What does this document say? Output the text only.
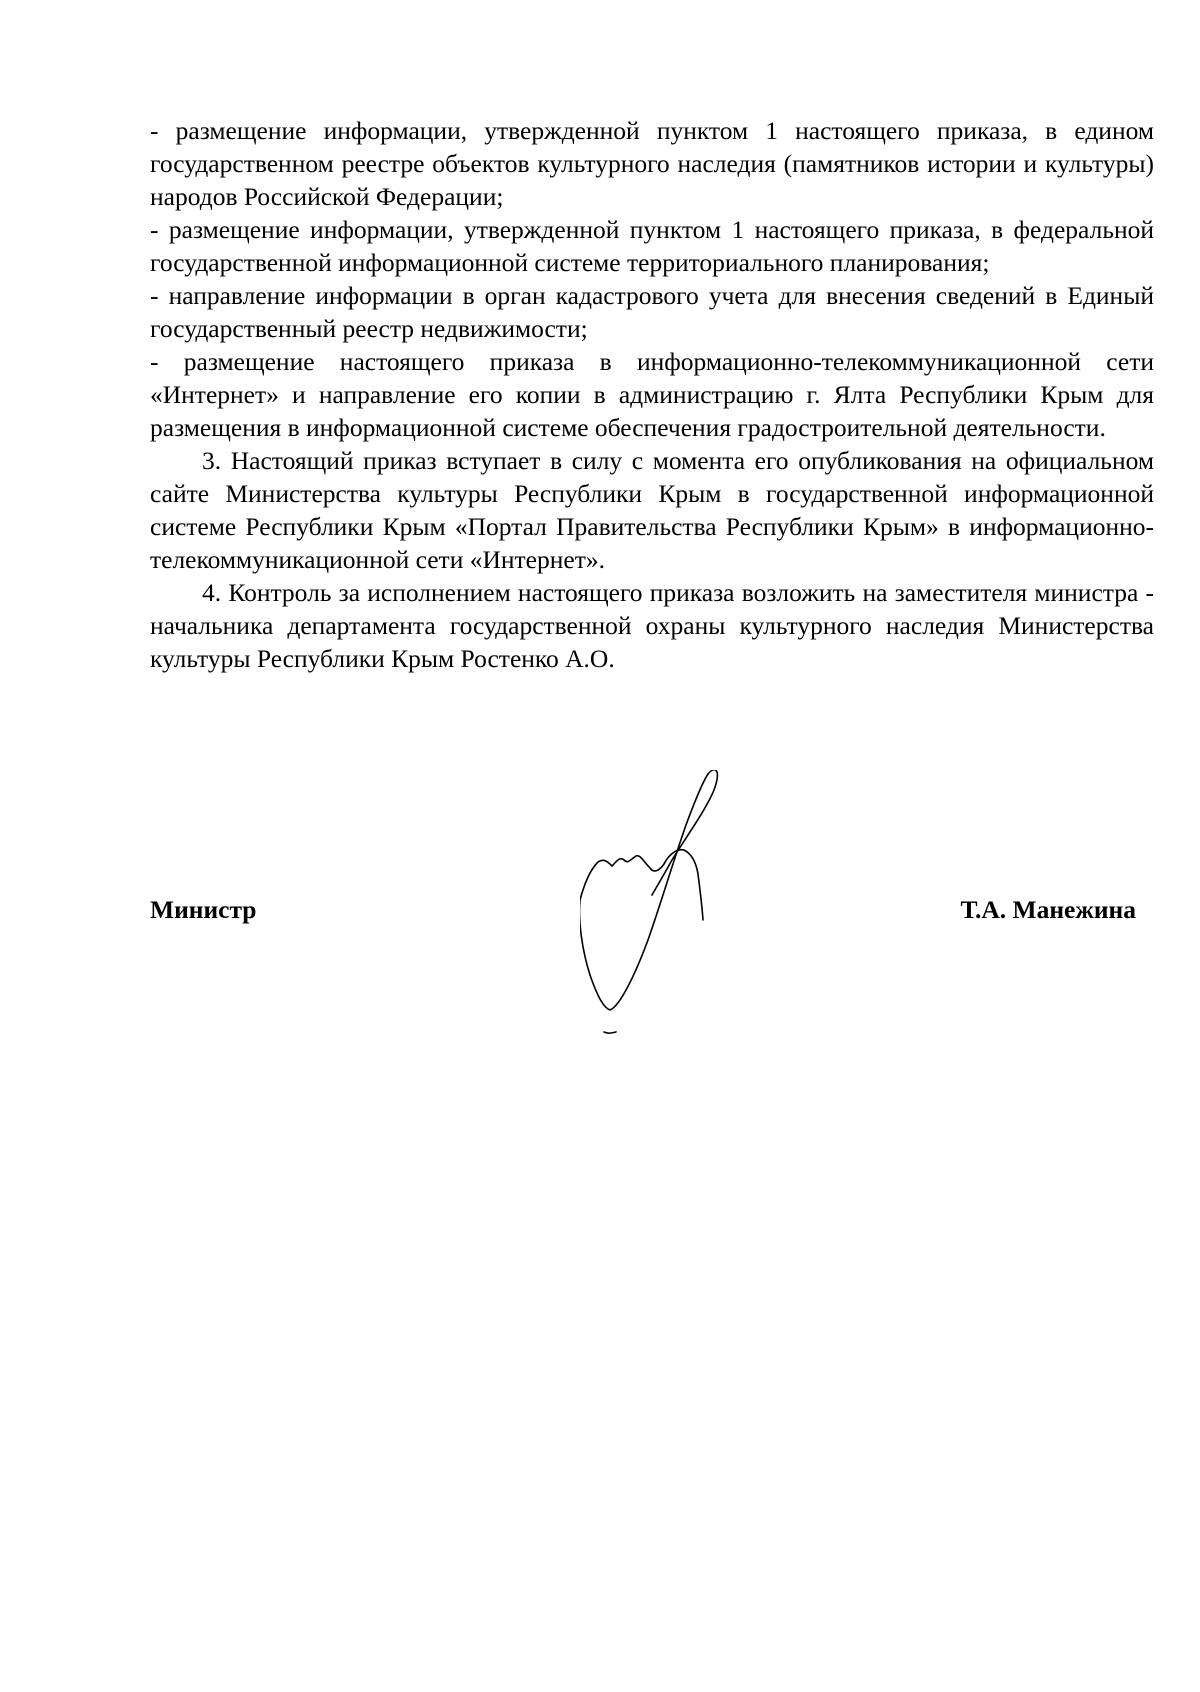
- размещение информации, утвержденной пунктом 1 настоящего приказа, в едином государственном реестре объектов культурного наследия (памятников истории и культуры) народов Российской Федерации;

- размещение информации, утвержденной пунктом 1 настоящего приказа, в федеральной государственной информационной системе территориального планирования;

- направление информации в орган кадастрового учета для внесения сведений в Единый государственный реестр недвижимости;

- размещение настоящего приказа в информационно-телекоммуникационной сети «Интернет» и направление его копии в администрацию г. Ялта Республики Крым для размещения в информационной системе обеспечения градостроительной деятельности.

3. Настоящий приказ вступает в силу с момента его опубликования на официальном сайте Министерства культуры Республики Крым в государственной информационной системе Республики Крым «Портал Правительства Республики Крым» в информационно-телекоммуникационной сети «Интернет».

4. Контроль за исполнением настоящего приказа возложить на заместителя министра - начальника департамента государственной охраны культурного наследия Министерства культуры Республики Крым Ростенко А.О.

Министр	Т.А. Манежина
